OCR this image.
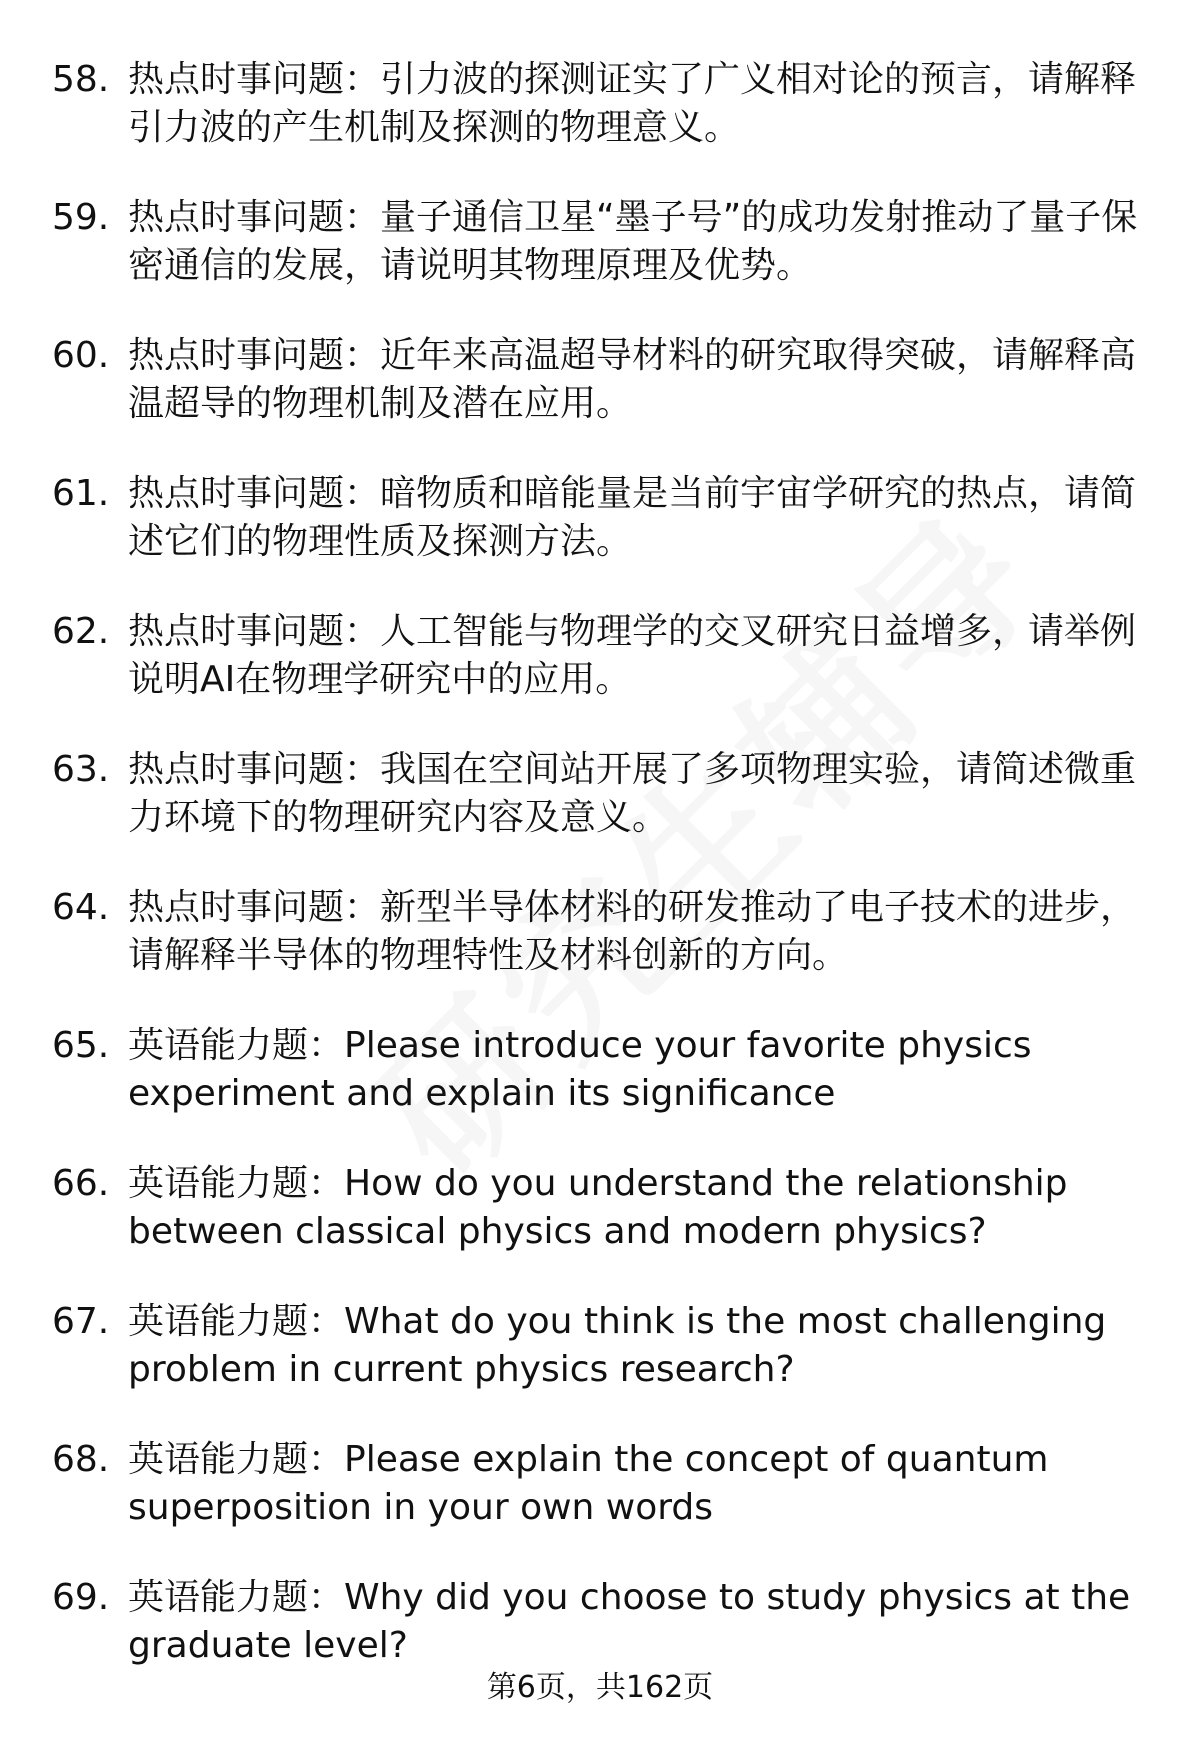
58. 热点时事问题：引力波的探测证实了广义相对论的预言，请解释引力波的产生机制及探测的物理意义。
59. 热点时事问题：量子通信卫星“墨子号”的成功发射推动了量子保密通信的发展，请说明其物理原理及优势。
60. 热点时事问题：近年来高温超导材料的研究取得突破，请解释高温超导的物理机制及潜在应用。
61. 热点时事问题：暗物质和暗能量是当前宇宙学研究的热点，请简述它们的物理性质及探测方法。
62. 热点时事问题：人工智能与物理学的交叉研究日益增多，请举例说明AI在物理学研究中的应用。
63. 热点时事问题：我国在空间站开展了多项物理实验，请简述微重力环境下的物理研究内容及意义。
64. 热点时事问题：新型半导体材料的研发推动了电子技术的进步，请解释半导体的物理特性及材料创新的方向。
65. 英语能力题：Please introduce your favorite physics experiment and explain its significance
66. 英语能力题：How do you understand the relationship between classical physics and modern physics?
67. 英语能力题：What do you think is the most challenging problem in current physics research?
68. 英语能力题：Please explain the concept of quantum superposition in your own words
69. 英语能力题：Why did you choose to study physics at the graduate level?
第6页，共162页
